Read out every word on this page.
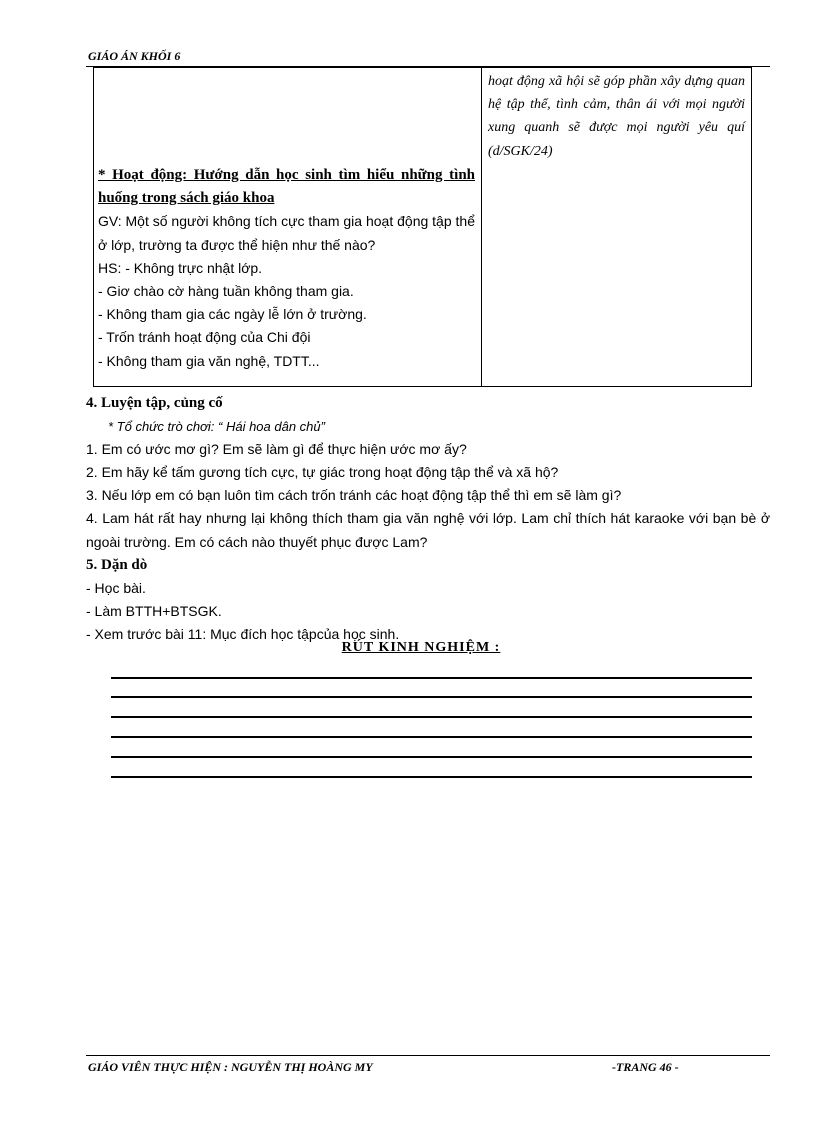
GIÁO ÁN KHỐI 6
* Hoạt động: Hướng dẫn học sinh tìm hiểu những tình huống trong sách giáo khoa
GV: Một số người không tích cực tham gia hoạt động tập thể ở lớp, trường ta được thể hiện như thế nào?
HS: - Không trực nhật lớp.
- Giơ chào cờ hàng tuần không tham gia.
- Không tham gia các ngày lễ lớn ở trường.
- Trốn tránh hoạt động của Chi đội
- Không tham gia văn nghệ, TDTT...
hoạt động xã hội sẽ góp phần xây dựng quan hệ tập thể, tình cảm, thân ái với mọi người xung quanh sẽ được mọi người yêu quí (d/SGK/24)
4. Luyện tập, củng cố
* Tổ chức trò chơi: “ Hái hoa dân chủ”
1. Em có ước mơ gì? Em sẽ làm gì để thực hiện ước mơ ấy?
2. Em hãy kể tấm gương tích cực, tự giác trong hoạt động tập thể và xã hộ?
3. Nếu lớp em có bạn luôn tìm cách trốn tránh các hoạt động tập thể thì em sẽ làm gì?
4. Lam hát rất hay nhưng lại không thích tham gia văn nghệ với lớp. Lam chỉ thích hát karaoke với bạn bè ở ngoài trường. Em có cách nào thuyết phục được Lam?
5. Dặn dò
- Học bài.
- Làm BTTH+BTSGK.
- Xem trước bài 11: Mục đích học tậpcủa học sinh.
RÚT KINH NGHIỆM :
GIÁO VIÊN THỰC HIỆN : NGUYỄN THỊ HOÀNG MY	-TRANG 46 -
